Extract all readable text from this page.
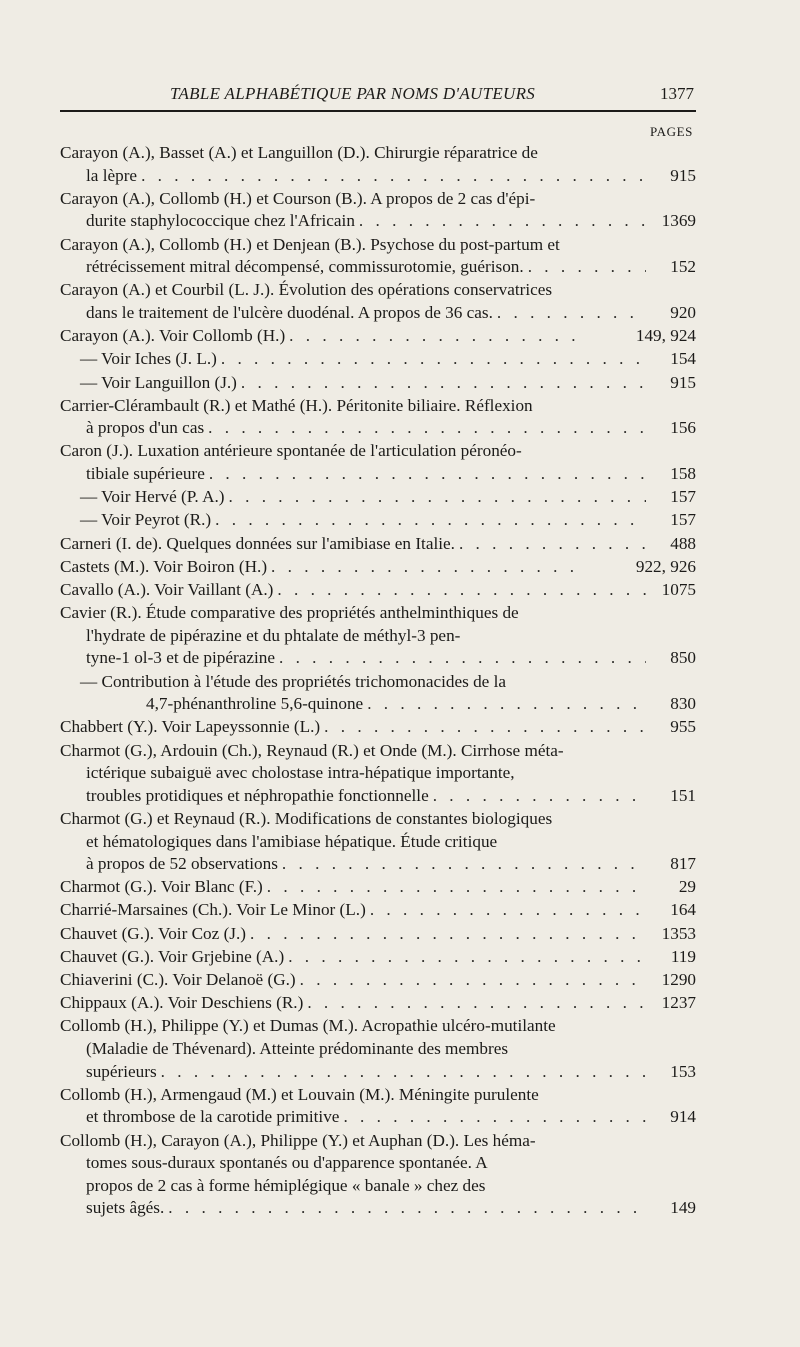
TABLE ALPHABÉTIQUE PAR NOMS D'AUTEURS	1377
PAGES
Carayon (A.), Basset (A.) et Languillon (D.). Chirurgie réparatrice de
la lèpre . . .	915
Carayon (A.), Collomb (H.) et Courson (B.). A propos de 2 cas d'épi-
durite staphylococcique chez l'Africain . . .	1369
Carayon (A.), Collomb (H.) et Denjean (B.). Psychose du post-partum et
rétrécissement mitral décompensé, commissurotomie, guérison. . . .	152
Carayon (A.) et Courbil (L. J.). Évolution des opérations conservatrices
dans le traitement de l'ulcère duodénal. A propos de 36 cas. . . .	920
Carayon (A.). Voir Collomb (H.) . . .	149, 924
— Voir Iches (J. L.) . . .	154
— Voir Languillon (J.) . . .	915
Carrier-Clérambault (R.) et Mathé (H.). Péritonite biliaire. Réflexion
à propos d'un cas . . .	156
Caron (J.). Luxation antérieure spontanée de l'articulation péronéo-
tibiale supérieure . . .	158
— Voir Hervé (P. A.) . . .	157
— Voir Peyrot (R.) . . .	157
Carneri (I. de). Quelques données sur l'amibiase en Italie. . . .	488
Castets (M.). Voir Boiron (H.) . . .	922, 926
Cavallo (A.). Voir Vaillant (A.) . . .	1075
Cavier (R.). Étude comparative des propriétés anthelminthiques de
l'hydrate de pipérazine et du phtalate de méthyl-3 pen-
tyne-1 ol-3 et de pipérazine . . .	850
— Contribution à l'étude des propriétés trichomonacides de la
4,7-phénanthroline 5,6-quinone . . .	830
Chabbert (Y.). Voir Lapeyssonnie (L.) . . .	955
Charmot (G.), Ardouin (Ch.), Reynaud (R.) et Onde (M.). Cirrhose méta-
ictérique subaiguë avec cholostase intra-hépatique importante,
troubles protidiques et néphropathie fonctionnelle . . .	151
Charmot (G.) et Reynaud (R.). Modifications de constantes biologiques
et hématologiques dans l'amibiase hépatique. Étude critique
à propos de 52 observations . . .	817
Charmot (G.). Voir Blanc (F.) . . .	29
Charrié-Marsaines (Ch.). Voir Le Minor (L.) . . .	164
Chauvet (G.). Voir Coz (J.) . . .	1353
Chauvet (G.). Voir Grjebine (A.) . . .	119
Chiaverini (C.). Voir Delanoë (G.) . . .	1290
Chippaux (A.). Voir Deschiens (R.) . . .	1237
Collomb (H.), Philippe (Y.) et Dumas (M.). Acropathie ulcéro-mutilante
(Maladie de Thévenard). Atteinte prédominante des membres
supérieurs . . .	153
Collomb (H.), Armengaud (M.) et Louvain (M.). Méningite purulente
et thrombose de la carotide primitive . . .	914
Collomb (H.), Carayon (A.), Philippe (Y.) et Auphan (D.). Les héma-
tomes sous-duraux spontanés ou d'apparence spontanée. A
propos de 2 cas à forme hémiplégique « banale » chez des
sujets âgés. . . .	149
